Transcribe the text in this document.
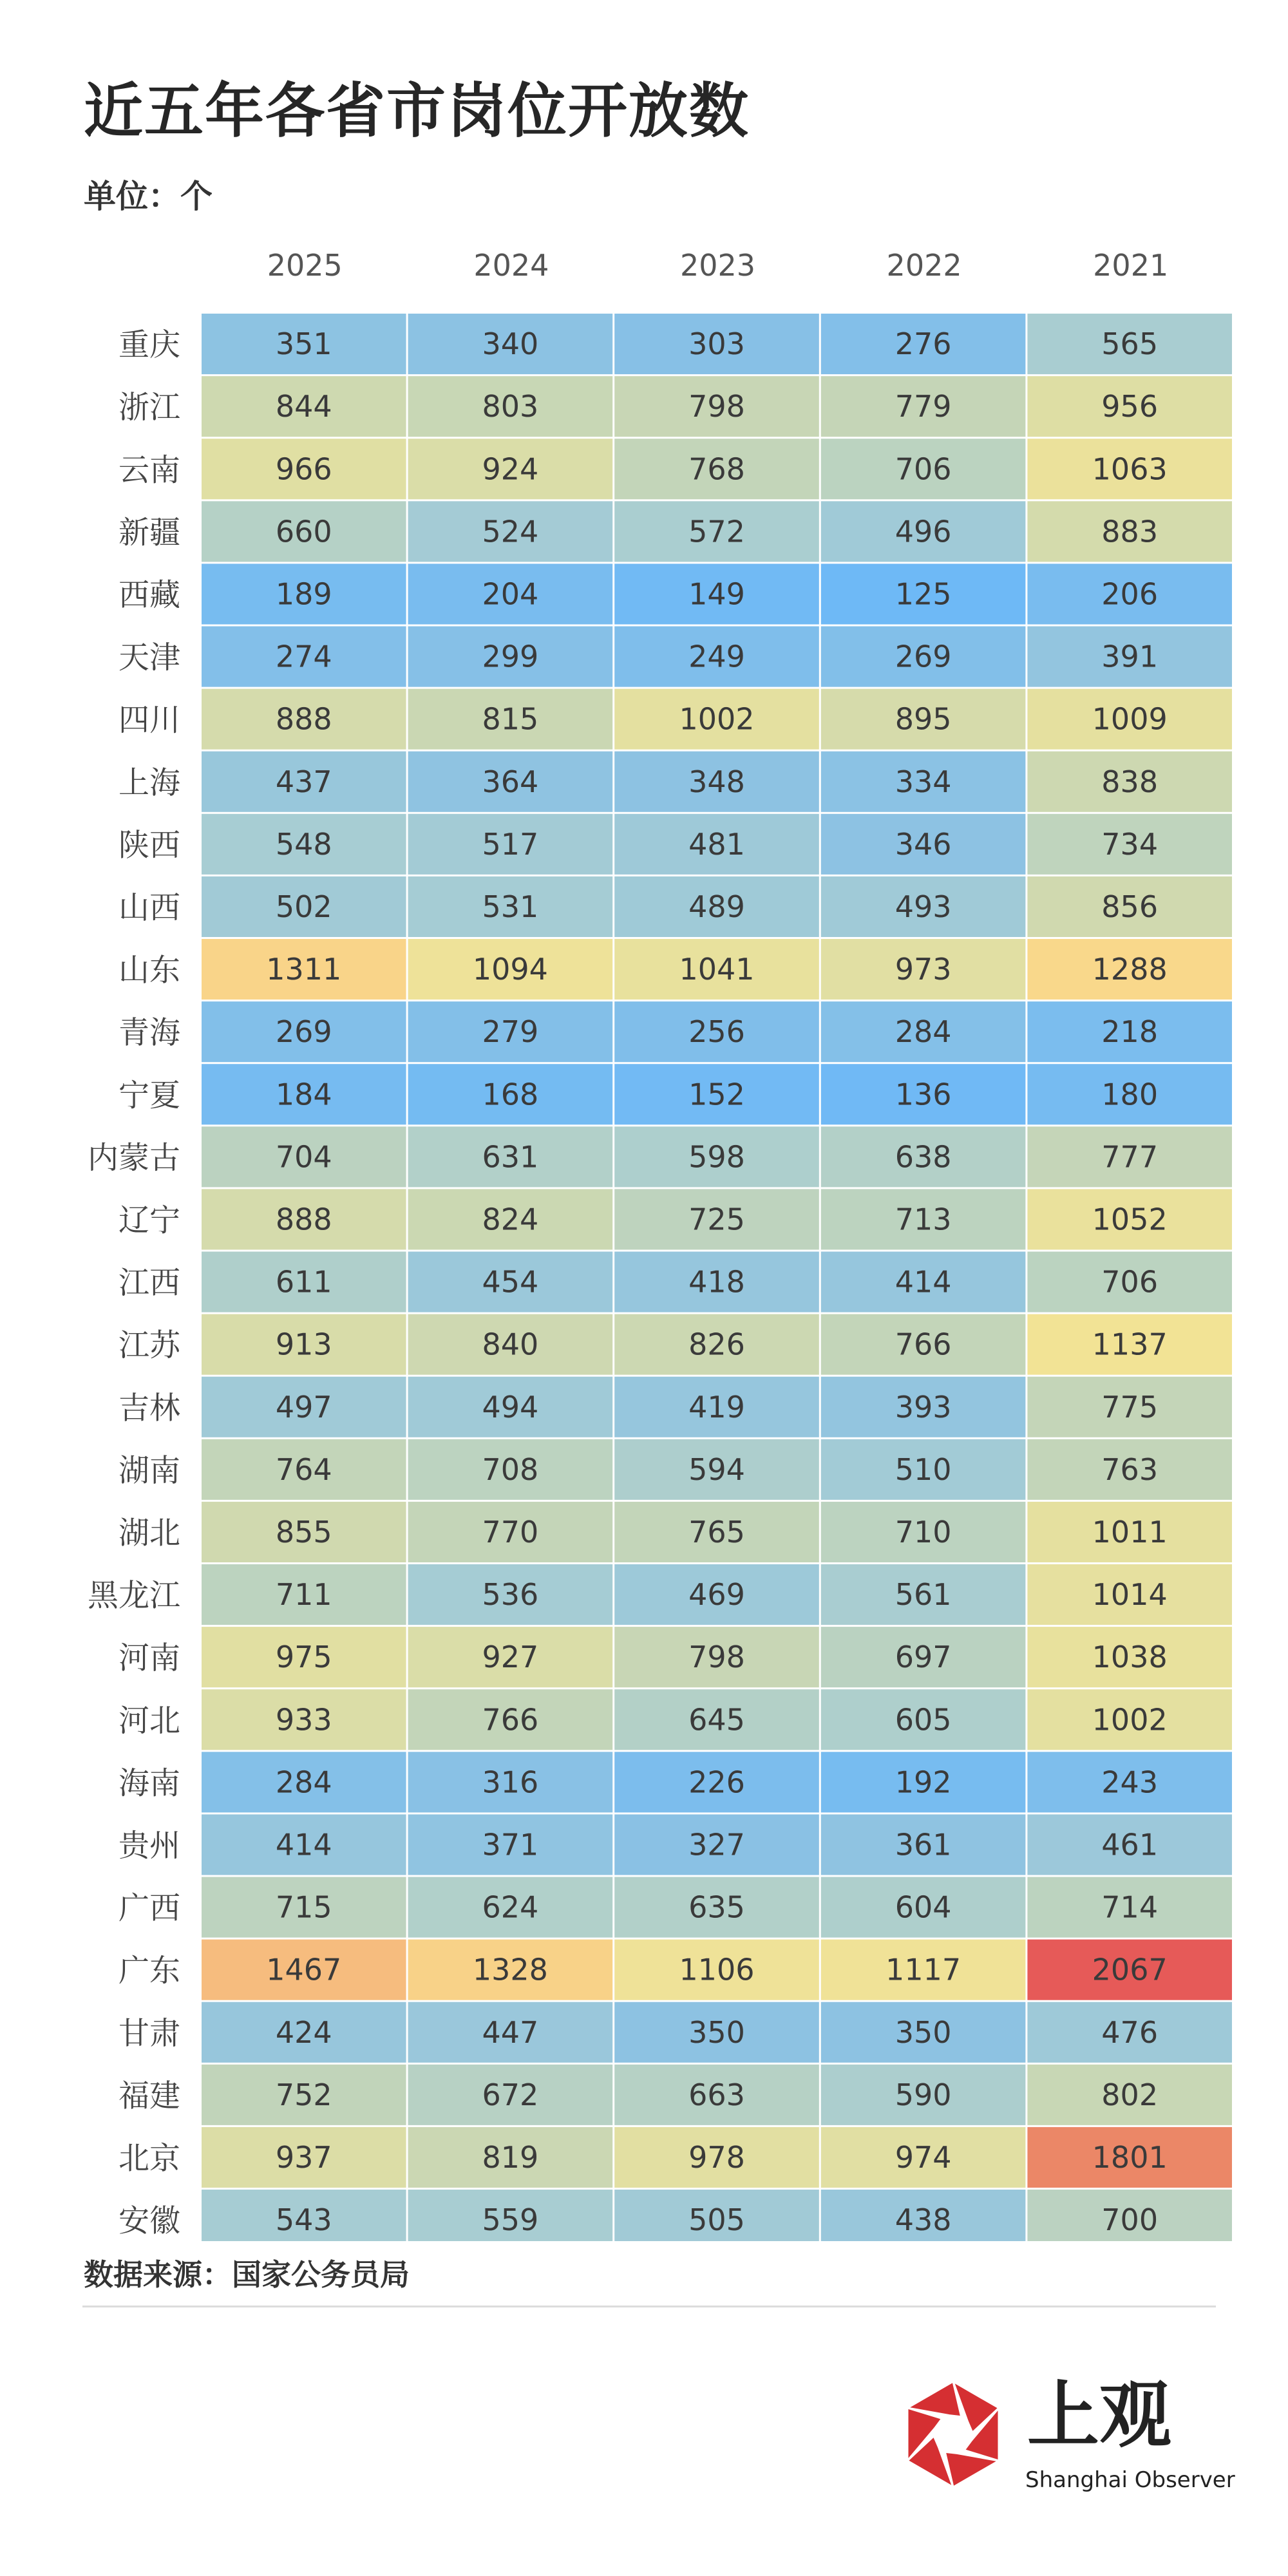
近五年各省市岗位开放数
单位：个
2025	2024	2023	2022	2021
重庆	351	340	303	276	565
浙江	844	803	798	779	956
云南	966	924	768	706	1063
新疆	660	524	572	496	883
西藏	189	204	149	125	206
天津	274	299	249	269	391
四川	888	815	1002	895	1009
上海	437	364	348	334	838
陕西	548	517	481	346	734
山西	502	531	489	493	856
山东	1311	1094	1041	973	1288
青海	269	279	256	284	218
宁夏	184	168	152	136	180
内蒙古	704	631	598	638	777
辽宁	888	824	725	713	1052
江西	611	454	418	414	706
江苏	913	840	826	766	1137
吉林	497	494	419	393	775
湖南	764	708	594	510	763
湖北	855	770	765	710	1011
黑龙江	711	536	469	561	1014
河南	975	927	798	697	1038
河北	933	766	645	605	1002
海南	284	316	226	192	243
贵州	414	371	327	361	461
广西	715	624	635	604	714
广东	1467	1328	1106	1117	2067
甘肃	424	447	350	350	476
福建	752	672	663	590	802
北京	937	819	978	974	1801
安徽	543	559	505	438	700
数据来源：国家公务员局
上观
Shanghai Observer
